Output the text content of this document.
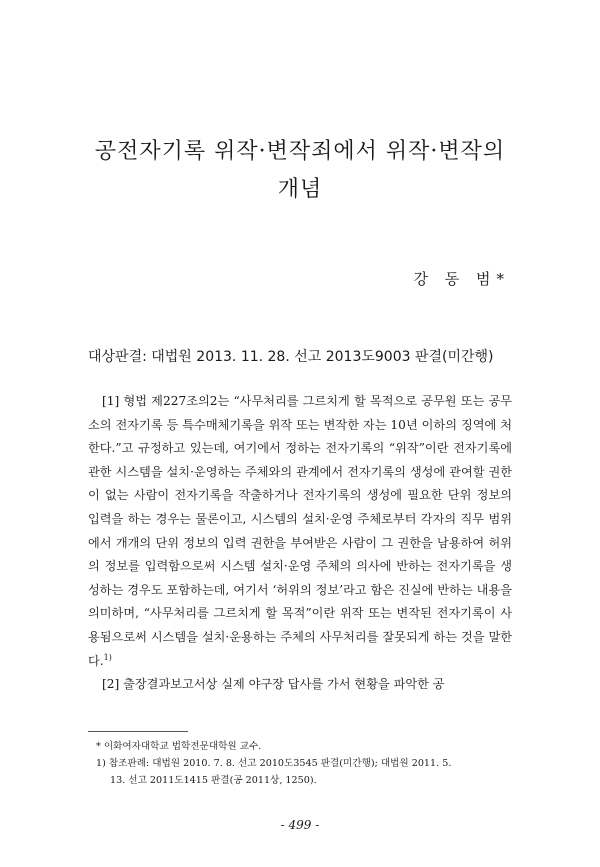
공전자기록 위작·변작죄에서 위작·변작의
개념
강 동 범*
대상판결: 대법원 2013. 11. 28. 선고 2013도9003 판결(미간행)

[1] 형법 제227조의2는 “사무처리를 그르치게 할 목적으로 공무원 또는 공무소의 전자기록 등 특수매체기록을 위작 또는 변작한 자는 10년 이하의 징역에 처한다.”고 규정하고 있는데, 여기에서 정하는 전자기록의 “위작”이란 전자기록에 관한 시스템을 설치·운영하는 주체와의 관계에서 전자기록의 생성에 관여할 권한이 없는 사람이 전자기록을 작출하거나 전자기록의 생성에 필요한 단위 정보의 입력을 하는 경우는 물론이고, 시스템의 설치·운영 주체로부터 각자의 직무 범위에서 개개의 단위 정보의 입력 권한을 부여받은 사람이 그 권한을 남용하여 허위의 정보를 입력함으로써 시스템 설치·운영 주체의 의사에 반하는 전자기록을 생성하는 경우도 포함하는데, 여기서 ‘허위의 정보’라고 함은 진실에 반하는 내용을 의미하며, “사무처리를 그르치게 할 목적”이란 위작 또는 변작된 전자기록이 사용됨으로써 시스템을 설치·운용하는 주체의 사무처리를 잘못되게 하는 것을 말한다.$^{1)}$

[2] 출장결과보고서상 실제 야구장 답사를 가서 현황을 파악한 공

* 이화여자대학교 법학전문대학원 교수.
1) 참조판례: 대법원 2010. 7. 8. 선고 2010도3545 판결(미간행); 대법원 2011. 5.
13. 선고 2011도1415 판결(공 2011상, 1250).
- 499 -
